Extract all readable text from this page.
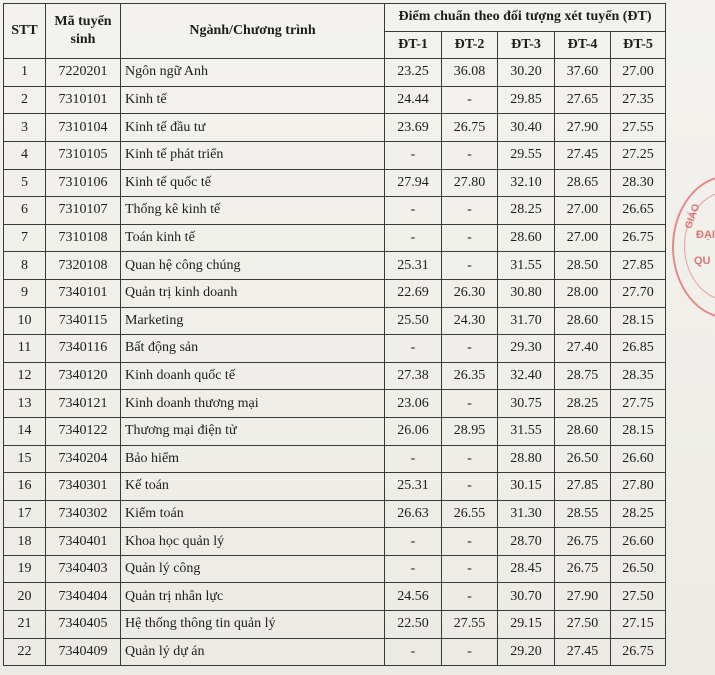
STT	Mã tuyển sinh	Ngành/Chương trình	Điểm chuẩn theo đối tượng xét tuyển (ĐT)				

			ĐT-1	ĐT-2	ĐT-3	ĐT-4	ĐT-5
1	7220201	Ngôn ngữ Anh	23.25	36.08	30.20	37.60	27.00
2	7310101	Kinh tế	24.44	-	29.85	27.65	27.35
3	7310104	Kinh tế đầu tư	23.69	26.75	30.40	27.90	27.55
4	7310105	Kinh tế phát triển	-	-	29.55	27.45	27.25
5	7310106	Kinh tế quốc tế	27.94	27.80	32.10	28.65	28.30
6	7310107	Thống kê kinh tế	-	-	28.25	27.00	26.65
7	7310108	Toán kinh tế	-	-	28.60	27.00	26.75
8	7320108	Quan hệ công chúng	25.31	-	31.55	28.50	27.85
9	7340101	Quản trị kinh doanh	22.69	26.30	30.80	28.00	27.70
10	7340115	Marketing	25.50	24.30	31.70	28.60	28.15
11	7340116	Bất động sản	-	-	29.30	27.40	26.85
12	7340120	Kinh doanh quốc tế	27.38	26.35	32.40	28.75	28.35
13	7340121	Kinh doanh thương mại	23.06	-	30.75	28.25	27.75
14	7340122	Thương mại điện tử	26.06	28.95	31.55	28.60	28.15
15	7340204	Bảo hiểm	-	-	28.80	26.50	26.60
16	7340301	Kế toán	25.31	-	30.15	27.85	27.80
17	7340302	Kiểm toán	26.63	26.55	31.30	28.55	28.25
18	7340401	Khoa học quản lý	-	-	28.70	26.75	26.60
19	7340403	Quản lý công	-	-	28.45	26.75	26.50
20	7340404	Quản trị nhân lực	24.56	-	30.70	27.90	27.50
21	7340405	Hệ thống thông tin quản lý	22.50	27.55	29.15	27.50	27.15
22	7340409	Quản lý dự án	-	-	29.20	27.45	26.75
GIÁO
ĐẠI
QU
